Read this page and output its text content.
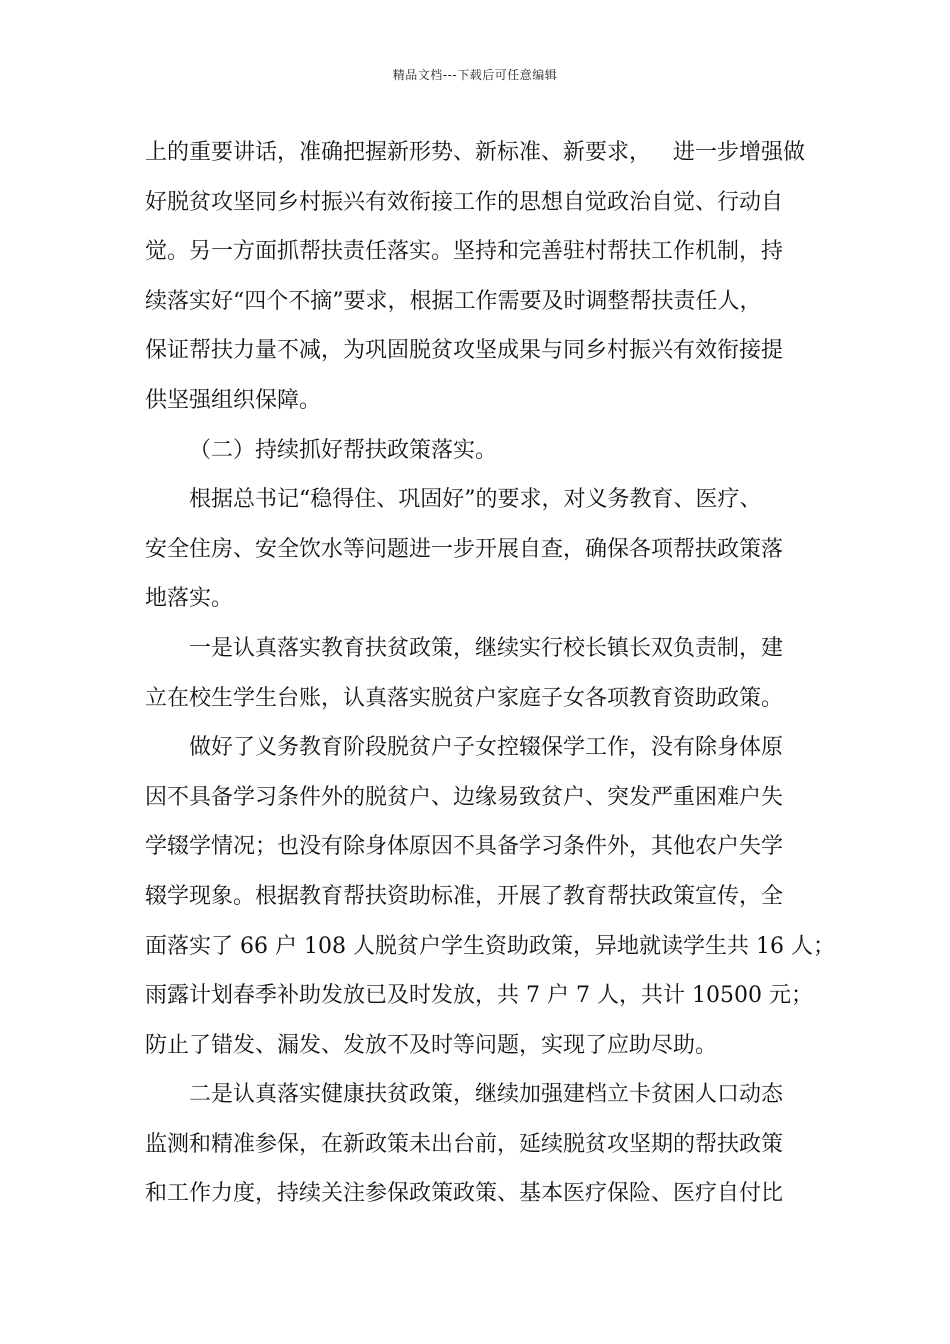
精品文档---下载后可任意编辑
上的重要讲话，准确把握新形势、新标准、新要求， 进一步增强做
好脱贫攻坚同乡村振兴有效衔接工作的思想自觉政治自觉、行动自
觉。另一方面抓帮扶责任落实。坚持和完善驻村帮扶工作机制，持
续落实好“四个不摘”要求，根据工作需要及时调整帮扶责任人，
保证帮扶力量不减，为巩固脱贫攻坚成果与同乡村振兴有效衔接提
供坚强组织保障。
（二）持续抓好帮扶政策落实。
根据总书记“稳得住、巩固好”的要求，对义务教育、医疗、
安全住房、安全饮水等问题进一步开展自查，确保各项帮扶政策落
地落实。
一是认真落实教育扶贫政策，继续实行校长镇长双负责制，建
立在校生学生台账，认真落实脱贫户家庭子女各项教育资助政策。
做好了义务教育阶段脱贫户子女控辍保学工作，没有除身体原
因不具备学习条件外的脱贫户、边缘易致贫户、突发严重困难户失
学辍学情况；也没有除身体原因不具备学习条件外，其他农户失学
辍学现象。根据教育帮扶资助标准，开展了教育帮扶政策宣传，全
面落实了 66 户 108 人脱贫户学生资助政策，异地就读学生共 16 人；
雨露计划春季补助发放已及时发放，共 7 户 7 人，共计 10500 元；
防止了错发、漏发、发放不及时等问题，实现了应助尽助。
二是认真落实健康扶贫政策，继续加强建档立卡贫困人口动态
监测和精准参保，在新政策未出台前，延续脱贫攻坚期的帮扶政策
和工作力度，持续关注参保政策政策、基本医疗保险、医疗自付比
